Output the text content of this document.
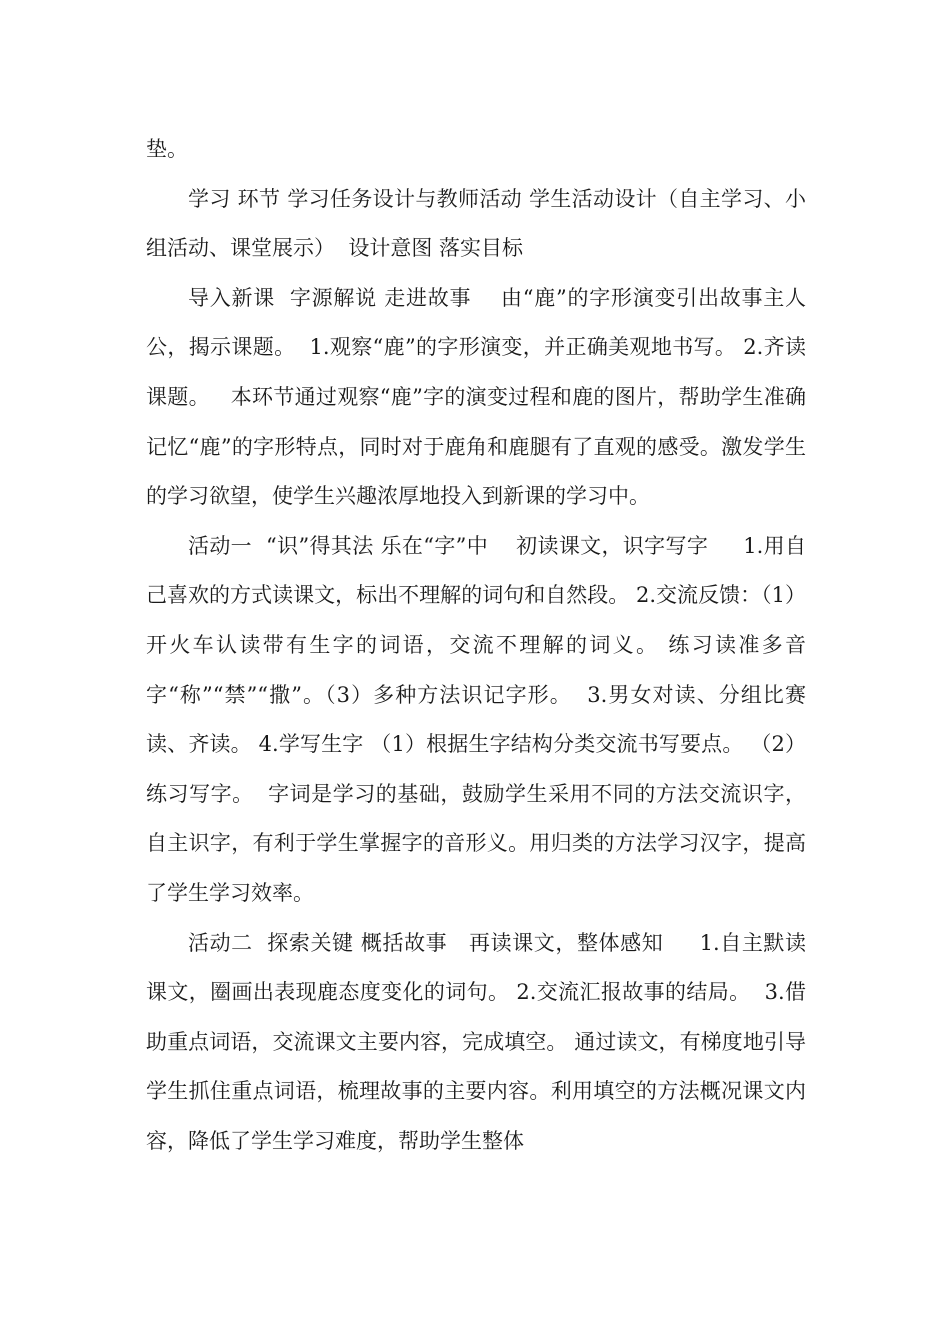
垫。

学习 环节 学习任务设计与教师活动 学生活动设计（自主学习、小组活动、课堂展示）  设计意图 落实目标

导入新课  字源解说 走进故事    由“鹿”的字形演变引出故事主人公，揭示课题。  1.观察“鹿”的字形演变，并正确美观地书写。 2.齐读课题。   本环节通过观察“鹿”字的演变过程和鹿的图片，帮助学生准确记忆“鹿”的字形特点，同时对于鹿角和鹿腿有了直观的感受。激发学生的学习欲望，使学生兴趣浓厚地投入到新课的学习中。

活动一  “识”得其法 乐在“字”中    初读课文，识字写字     1.用自己喜欢的方式读课文，标出不理解的词句和自然段。 2.交流反馈：（1）开火车认读带有生字的词语，交流不理解的词义。 练习读准多音字“称”“禁”“撒”。（3）多种方法识记字形。  3.男女对读、分组比赛读、齐读。 4.学写生字 （1）根据生字结构分类交流书写要点。 （2）练习写字。  字词是学习的基础，鼓励学生采用不同的方法交流识字，自主识字，有利于学生掌握字的音形义。用归类的方法学习汉字，提高了学生学习效率。

活动二  探索关键 概括故事   再读课文，整体感知     1.自主默读课文，圈画出表现鹿态度变化的词句。 2.交流汇报故事的结局。  3.借助重点词语，交流课文主要内容，完成填空。 通过读文，有梯度地引导学生抓住重点词语，梳理故事的主要内容。利用填空的方法概况课文内容，降低了学生学习难度，帮助学生整体
